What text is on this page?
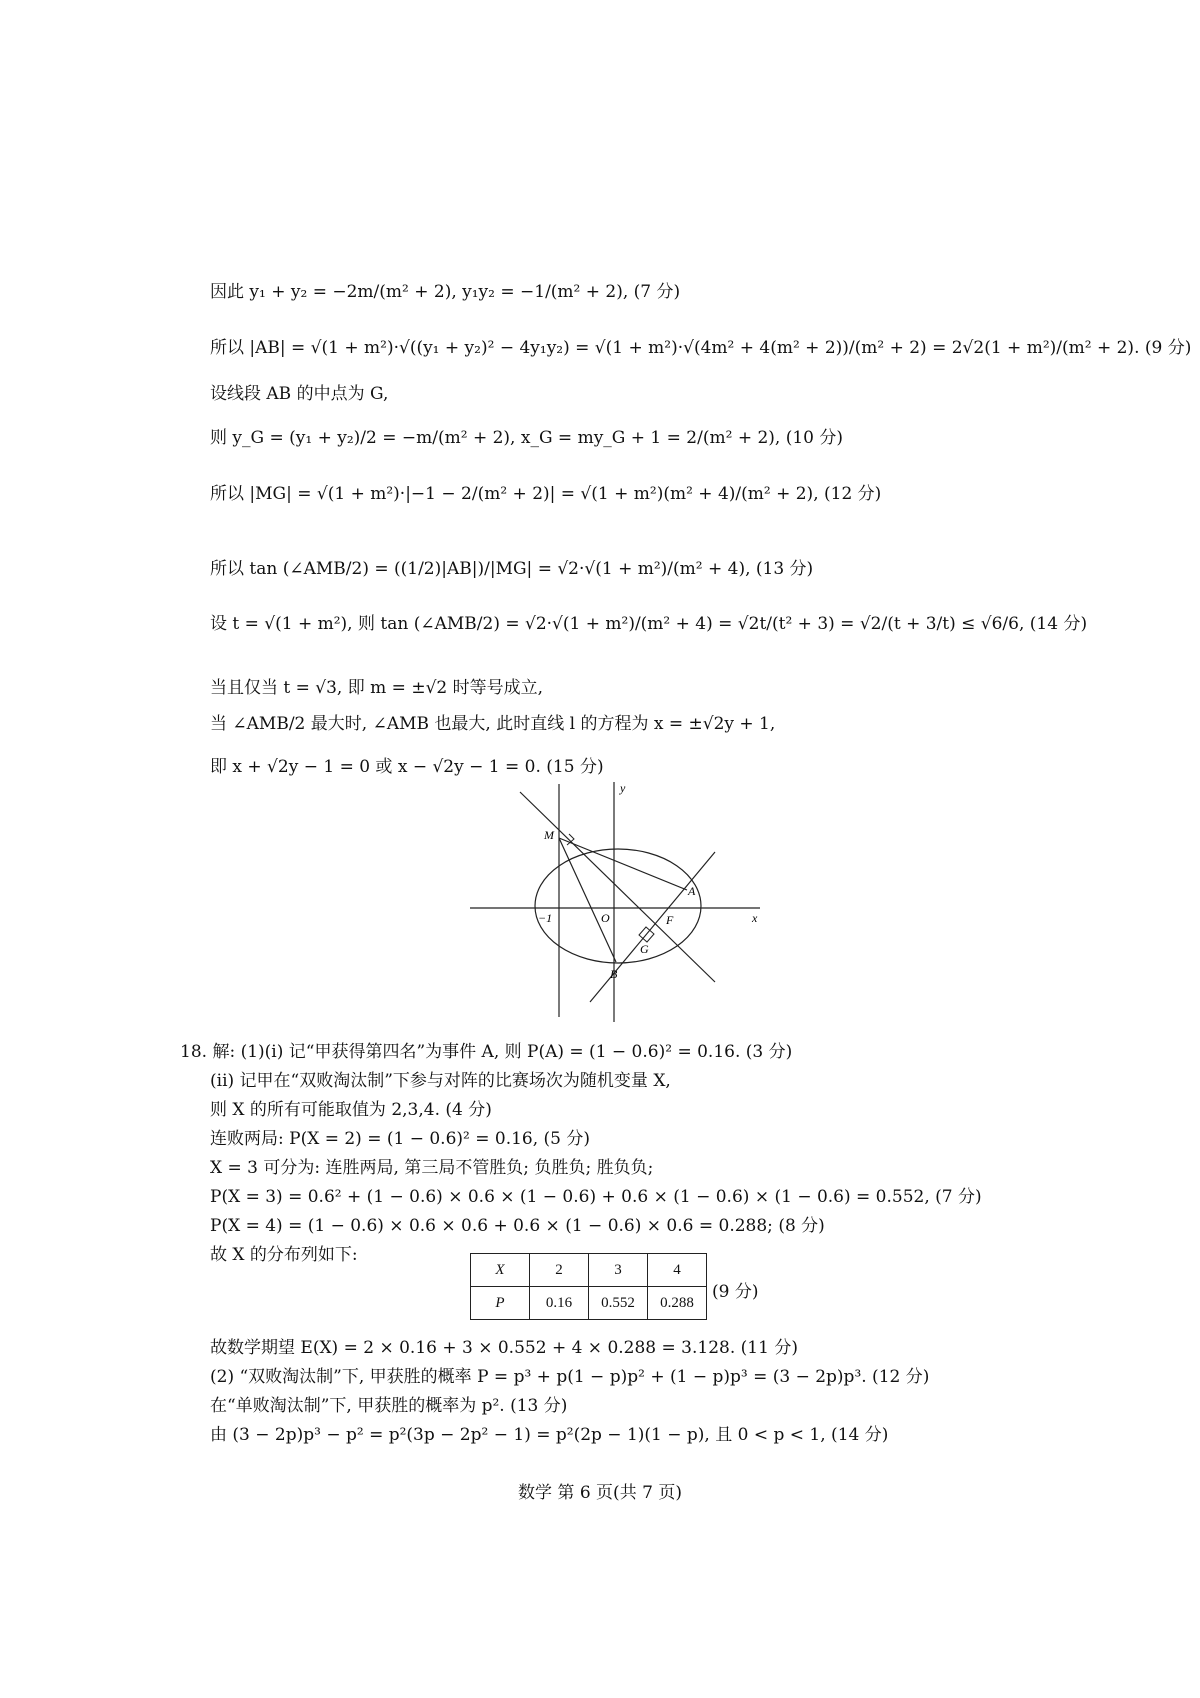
因此 y₁ + y₂ = −2m/(m² + 2), y₁y₂ = −1/(m² + 2), (7 分)
所以 |AB| = √(1 + m²)·√((y₁ + y₂)² − 4y₁y₂) = √(1 + m²)·√(4m² + 4(m² + 2))/(m² + 2) = 2√2(1 + m²)/(m² + 2). (9 分)
设线段 AB 的中点为 G,
则 y_G = (y₁ + y₂)/2 = −m/(m² + 2), x_G = my_G + 1 = 2/(m² + 2), (10 分)
所以 |MG| = √(1 + m²)·|−1 − 2/(m² + 2)| = √(1 + m²)(m² + 4)/(m² + 2), (12 分)
所以 tan (∠AMB/2) = ((1/2)|AB|)/|MG| = √2·√(1 + m²)/(m² + 4), (13 分)
设 t = √(1 + m²), 则 tan (∠AMB/2) = √2·√(1 + m²)/(m² + 4) = √2t/(t² + 3) = √2/(t + 3/t) ≤ √6/6, (14 分)
当且仅当 t = √3, 即 m = ±√2 时等号成立,
当 ∠AMB/2 最大时, ∠AMB 也最大, 此时直线 l 的方程为 x = ±√2y + 1,
即 x + √2y − 1 = 0 或 x − √2y − 1 = 0. (15 分)
y
x
M
A
B
O	F
G
−1
18. 解: (1)(i) 记“甲获得第四名”为事件 A, 则 P(A) = (1 − 0.6)² = 0.16. (3 分)
(ii) 记甲在“双败淘汰制”下参与对阵的比赛场次为随机变量 X,
则 X 的所有可能取值为 2,3,4. (4 分)
连败两局: P(X = 2) = (1 − 0.6)² = 0.16, (5 分)
X = 3 可分为: 连胜两局, 第三局不管胜负; 负胜负; 胜负负;
P(X = 3) = 0.6² + (1 − 0.6) × 0.6 × (1 − 0.6) + 0.6 × (1 − 0.6) × (1 − 0.6) = 0.552, (7 分)
P(X = 4) = (1 − 0.6) × 0.6 × 0.6 + 0.6 × (1 − 0.6) × 0.6 = 0.288; (8 分)
故 X 的分布列如下:
X	2	3	4
P	0.16	0.552	0.288
(9 分)
故数学期望 E(X) = 2 × 0.16 + 3 × 0.552 + 4 × 0.288 = 3.128. (11 分)
(2) “双败淘汰制”下, 甲获胜的概率 P = p³ + p(1 − p)p² + (1 − p)p³ = (3 − 2p)p³. (12 分)
在“单败淘汰制”下, 甲获胜的概率为 p². (13 分)
由 (3 − 2p)p³ − p² = p²(3p − 2p² − 1) = p²(2p − 1)(1 − p), 且 0 < p < 1, (14 分)
数学 第 6 页(共 7 页)
